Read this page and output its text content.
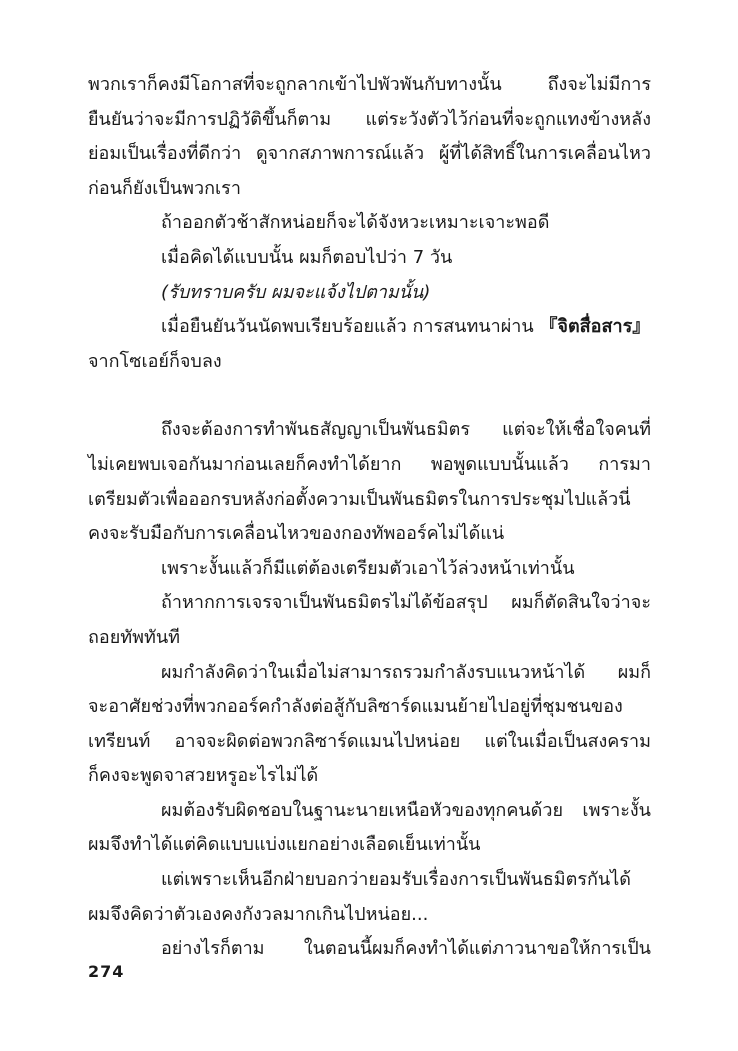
พวกเราก็คงมีโอกาสที่จะถูกลากเข้าไปพัวพันกับทางนั้น ถึงจะไม่มีการ
ยืนยันว่าจะมีการปฏิวัติขึ้นก็ตาม แต่ระวังตัวไว้ก่อนที่จะถูกแทงข้างหลัง
ย่อมเป็นเรื่องที่ดีกว่า ดูจากสภาพการณ์แล้ว ผู้ที่ได้สิทธิ์ในการเคลื่อนไหว
ก่อนก็ยังเป็นพวกเรา
ถ้าออกตัวช้าสักหน่อยก็จะได้จังหวะเหมาะเจาะพอดี
เมื่อคิดได้แบบนั้น ผมก็ตอบไปว่า 7 วัน
(รับทราบครับ ผมจะแจ้งไปตามนั้น)
เมื่อยืนยันวันนัดพบเรียบร้อยแล้ว การสนทนาผ่าน 『จิตสื่อสาร』
จากโซเอย์ก็จบลง
ถึงจะต้องการทำพันธสัญญาเป็นพันธมิตร แต่จะให้เชื่อใจคนที่
ไม่เคยพบเจอกันมาก่อนเลยก็คงทำได้ยาก พอพูดแบบนั้นแล้ว การมา
เตรียมตัวเพื่อออกรบหลังก่อตั้งความเป็นพันธมิตรในการประชุมไปแล้วนี่
คงจะรับมือกับการเคลื่อนไหวของกองทัพออร์คไม่ได้แน่
เพราะงั้นแล้วก็มีแต่ต้องเตรียมตัวเอาไว้ล่วงหน้าเท่านั้น
ถ้าหากการเจรจาเป็นพันธมิตรไม่ได้ข้อสรุป ผมก็ตัดสินใจว่าจะ
ถอยทัพทันที
ผมกำลังคิดว่าในเมื่อไม่สามารถรวมกำลังรบแนวหน้าได้ ผมก็
จะอาศัยช่วงที่พวกออร์คกำลังต่อสู้กับลิซาร์ดแมนย้ายไปอยู่ที่ชุมชนของ
เทรียนท์ อาจจะผิดต่อพวกลิซาร์ดแมนไปหน่อย แต่ในเมื่อเป็นสงคราม
ก็คงจะพูดจาสวยหรูอะไรไม่ได้
ผมต้องรับผิดชอบในฐานะนายเหนือหัวของทุกคนด้วย เพราะงั้น
ผมจึงทำได้แต่คิดแบบแบ่งแยกอย่างเลือดเย็นเท่านั้น
แต่เพราะเห็นอีกฝ่ายบอกว่ายอมรับเรื่องการเป็นพันธมิตรกันได้
ผมจึงคิดว่าตัวเองคงกังวลมากเกินไปหน่อย...
อย่างไรก็ตาม ในตอนนี้ผมก็คงทำได้แต่ภาวนาขอให้การเป็น
274
